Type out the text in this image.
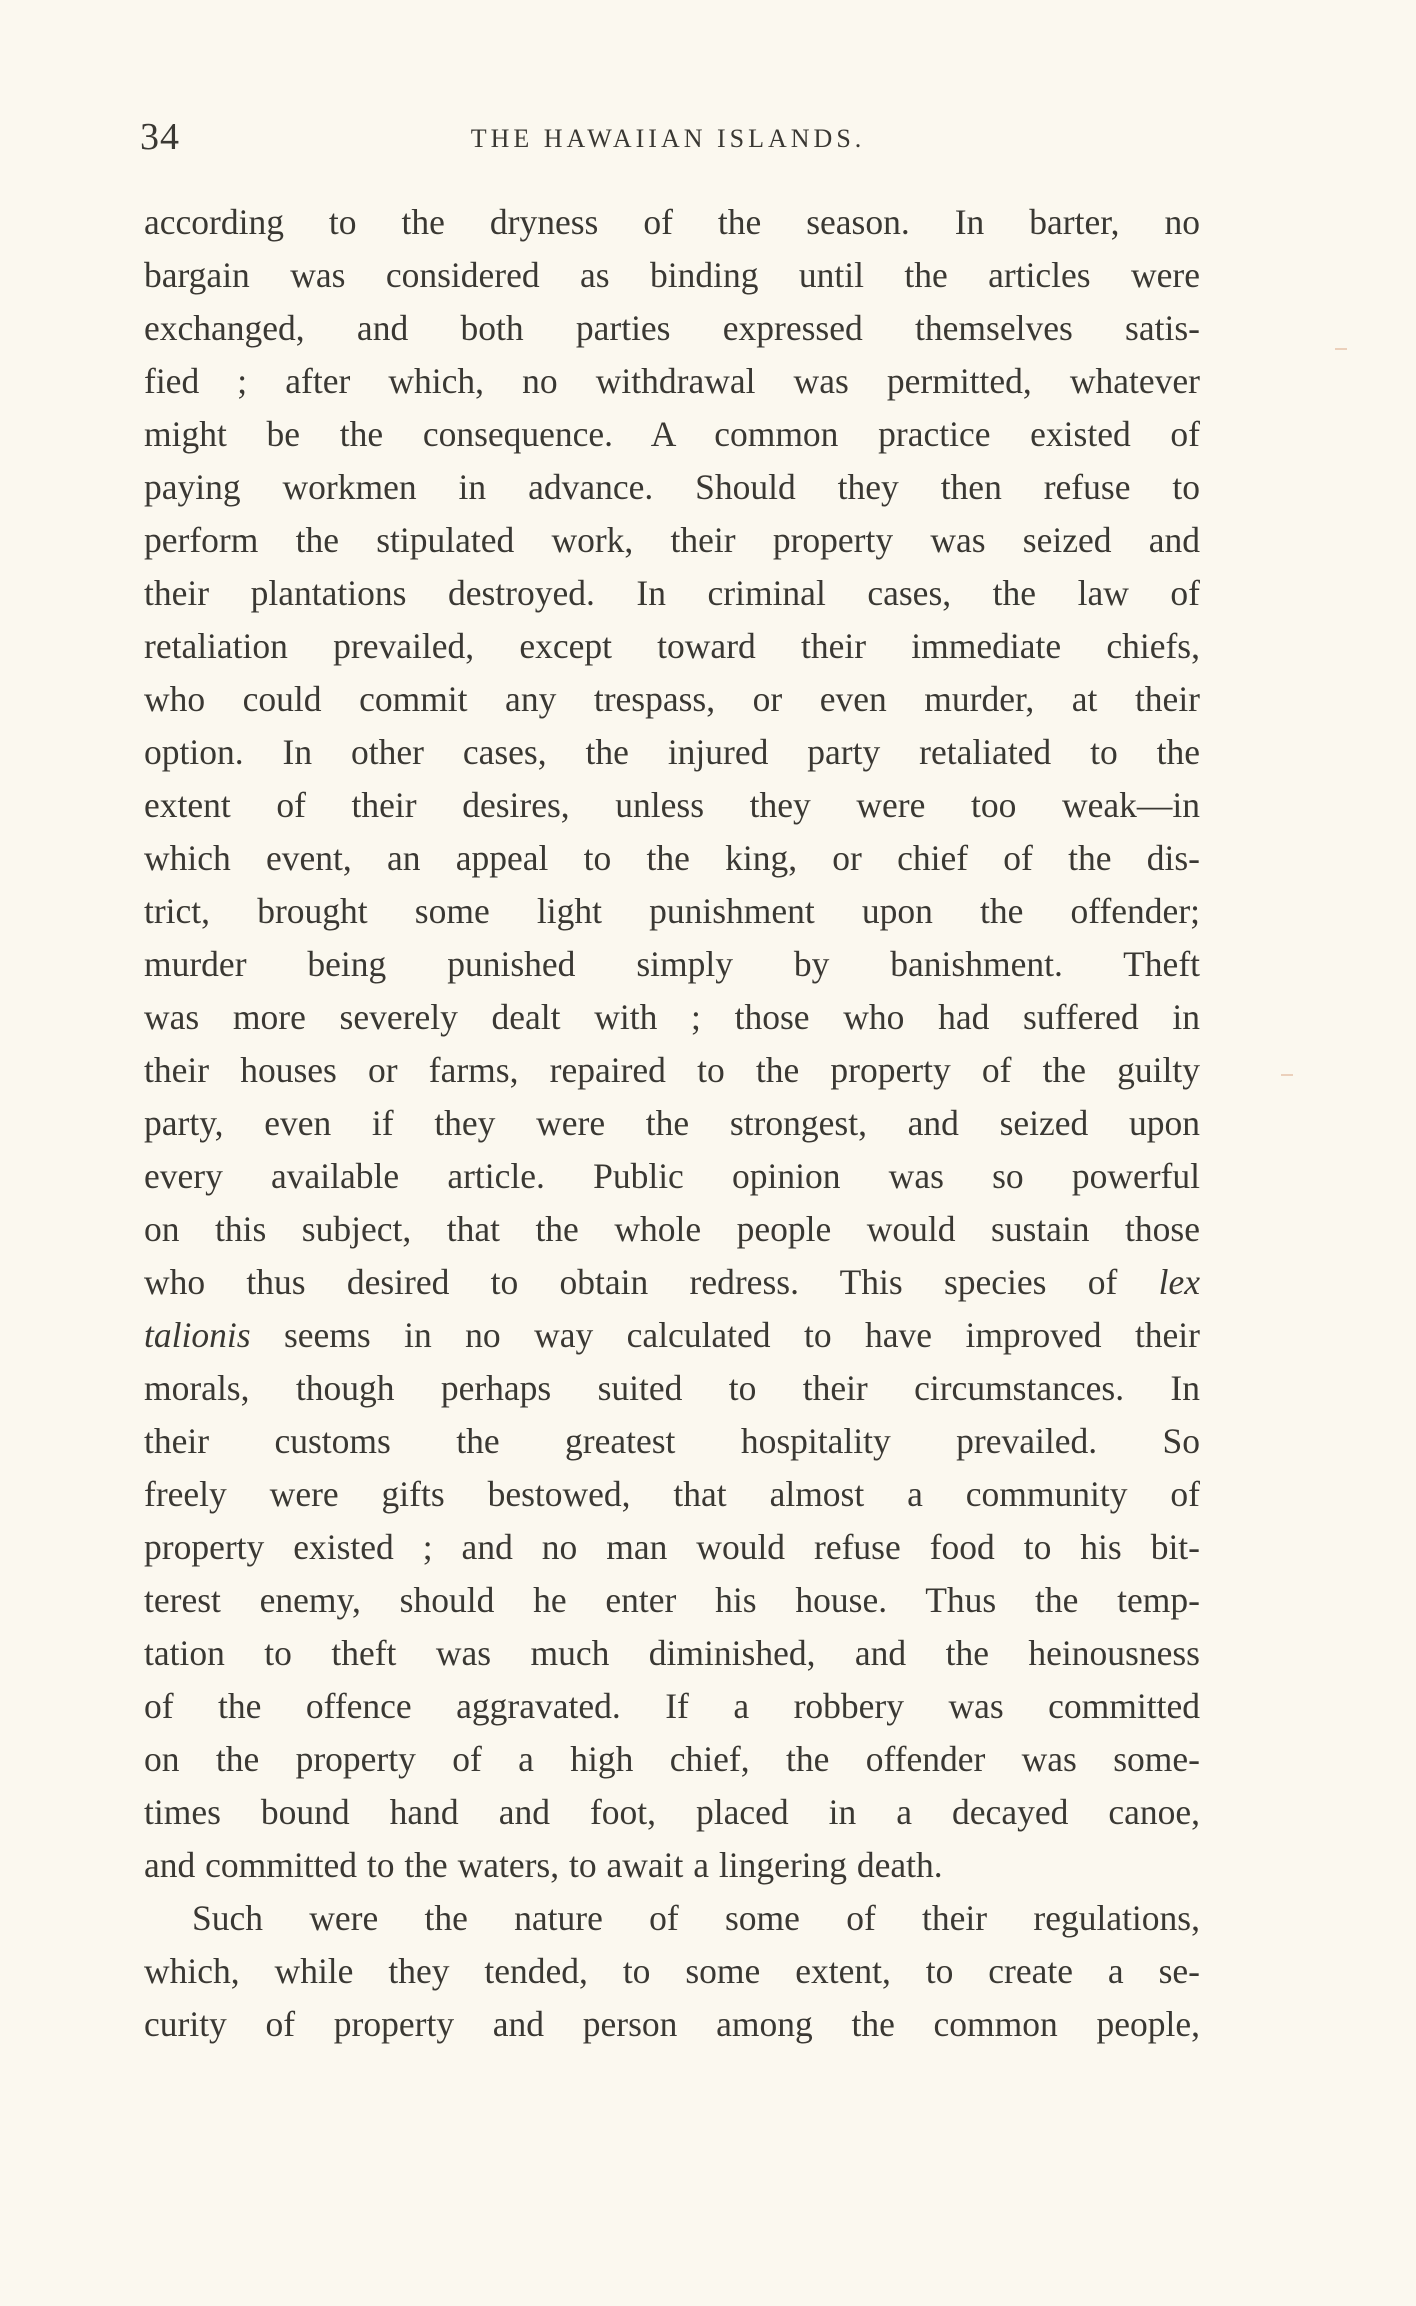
34	THE HAWAIIAN ISLANDS.
according to the dryness of the season. In barter, no
bargain was considered as binding until the articles were
exchanged, and both parties expressed themselves satis-
fied ; after which, no withdrawal was permitted, whatever
might be the consequence. A common practice existed of
paying workmen in advance. Should they then refuse to
perform the stipulated work, their property was seized and
their plantations destroyed. In criminal cases, the law of
retaliation prevailed, except toward their immediate chiefs,
who could commit any trespass, or even murder, at their
option. In other cases, the injured party retaliated to the
extent of their desires, unless they were too weak—in
which event, an appeal to the king, or chief of the dis-
trict, brought some light punishment upon the offender;
murder being punished simply by banishment. Theft
was more severely dealt with ; those who had suffered in
their houses or farms, repaired to the property of the guilty
party, even if they were the strongest, and seized upon
every available article. Public opinion was so powerful
on this subject, that the whole people would sustain those
who thus desired to obtain redress. This species of lex
talionis seems in no way calculated to have improved their
morals, though perhaps suited to their circumstances. In
their customs the greatest hospitality prevailed. So
freely were gifts bestowed, that almost a community of
property existed ; and no man would refuse food to his bit-
terest enemy, should he enter his house. Thus the temp-
tation to theft was much diminished, and the heinousness
of the offence aggravated. If a robbery was committed
on the property of a high chief, the offender was some-
times bound hand and foot, placed in a decayed canoe,
and committed to the waters, to await a lingering death.
Such were the nature of some of their regulations,
which, while they tended, to some extent, to create a se-
curity of property and person among the common people,
